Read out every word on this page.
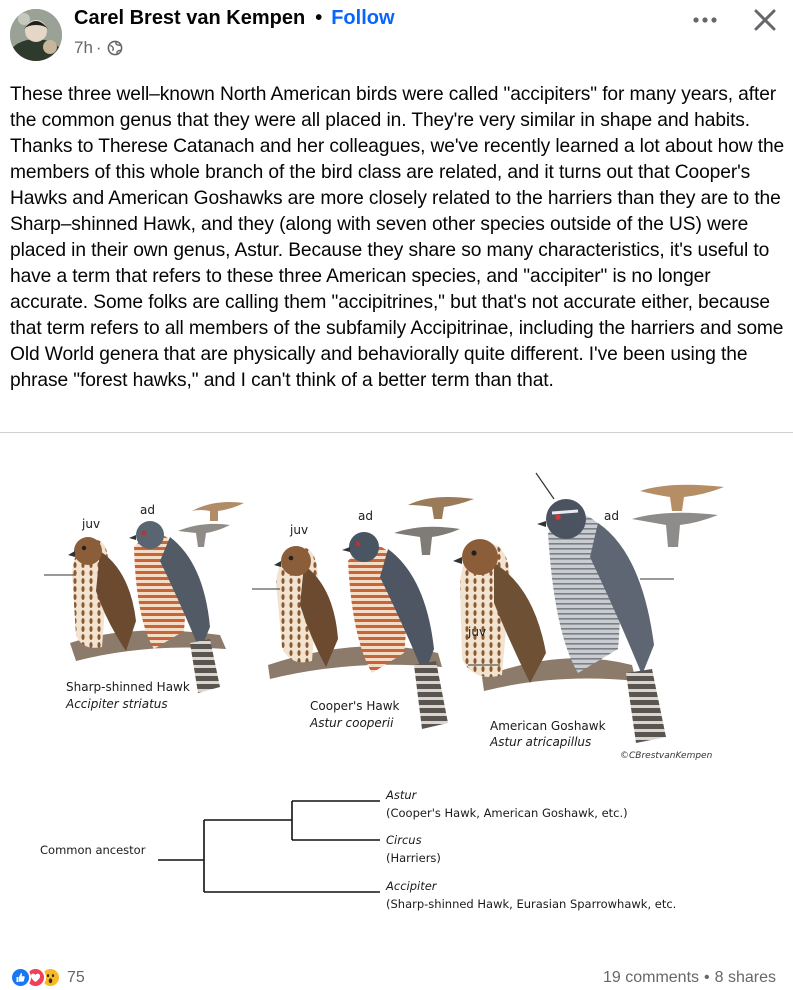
Carel Brest van Kempen • Follow
7h ·
These three well–known North American birds were called "accipiters" for many years, after the common genus that they were all placed in. They're very similar in shape and habits. Thanks to Therese Catanach and her colleagues, we've recently learned a lot about how the members of this whole branch of the bird class are related, and it turns out that Cooper's Hawks and American Goshawks are more closely related to the harriers than they are to the Sharp–shinned Hawk, and they (along with seven other species outside of the US) were placed in their own genus, Astur. Because they share so many characteristics, it's useful to have a term that refers to these three American species, and "accipiter" is no longer accurate. Some folks are calling them "accipitrines," but that's not accurate either, because that term refers to all members of the subfamily Accipitrinae, including the harriers and some Old World genera that are physically and behaviorally quite different. I've been using the phrase "forest hawks," and I can't think of a better term than that.
ad
juv
ad
juv
ad
juv
Sharp-shinned Hawk
Accipiter striatus	Cooper's Hawk
Astur cooperii	American Goshawk
Astur atricapillus
©CBrestvanKempen
Common ancestor
Astur
(Cooper's Hawk, American Goshawk, etc.)
Circus
(Harriers)
Accipiter
(Sharp-shinned Hawk, Eurasian Sparrowhawk, etc.
75	19 comments • 8 shares
